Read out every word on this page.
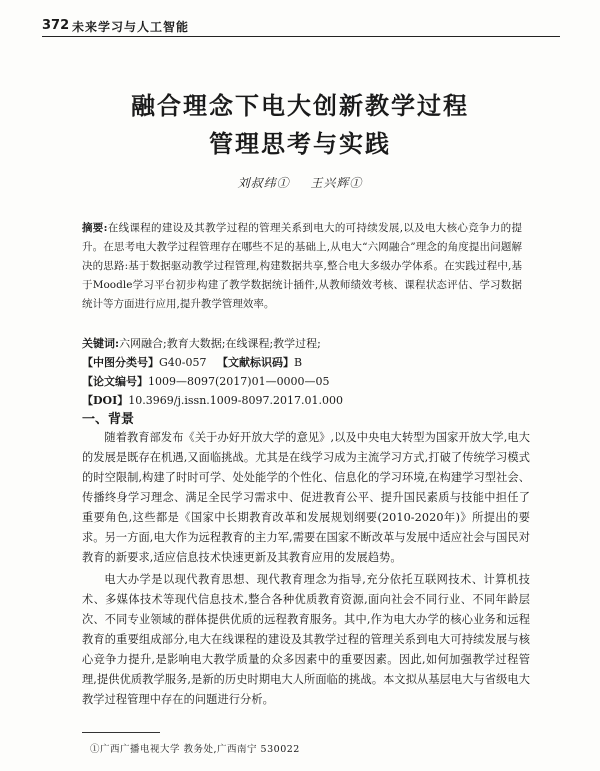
372 未来学习与人工智能
融合理念下电大创新教学过程
管理思考与实践
刘叔纬① 王兴辉①
摘要:在线课程的建设及其教学过程的管理关系到电大的可持续发展,以及电大核心竞争力的提升。在思考电大教学过程管理存在哪些不足的基础上,从电大“六网融合”理念的角度提出问题解决的思路:基于数据驱动教学过程管理,构建数据共享,整合电大多级办学体系。在实践过程中,基于Moodle学习平台初步构建了教学数据统计插件,从教师绩效考核、课程状态评估、学习数据统计等方面进行应用,提升教学管理效率。
关键词:六网融合;教育大数据;在线课程;教学过程;
【中图分类号】G40-057 【文献标识码】B
【论文编号】1009—8097(2017)01—0000—05
【DOI】10.3969/j.issn.1009-8097.2017.01.000
一、背景
随着教育部发布《关于办好开放大学的意见》,以及中央电大转型为国家开放大学,电大的发展是既存在机遇,又面临挑战。尤其是在线学习成为主流学习方式,打破了传统学习模式的时空限制,构建了时时可学、处处能学的个性化、信息化的学习环境,在构建学习型社会、传播终身学习理念、满足全民学习需求中、促进教育公平、提升国民素质与技能中担任了重要角色,这些都是《国家中长期教育改革和发展规划纲要(2010-2020年)》所提出的要求。另一方面,电大作为远程教育的主力军,需要在国家不断改革与发展中适应社会与国民对教育的新要求,适应信息技术快速更新及其教育应用的发展趋势。
电大办学是以现代教育思想、现代教育理念为指导,充分依托互联网技术、计算机技术、多媒体技术等现代信息技术,整合各种优质教育资源,面向社会不同行业、不同年龄层次、不同专业领域的群体提供优质的远程教育服务。其中,作为电大办学的核心业务和远程教育的重要组成部分,电大在线课程的建设及其教学过程的管理关系到电大可持续发展与核心竞争力提升,是影响电大教学质量的众多因素中的重要因素。因此,如何加强教学过程管理,提供优质教学服务,是新的历史时期电大人所面临的挑战。本文拟从基层电大与省级电大教学过程管理中存在的问题进行分析。
①广西广播电视大学 教务处,广西南宁 530022
